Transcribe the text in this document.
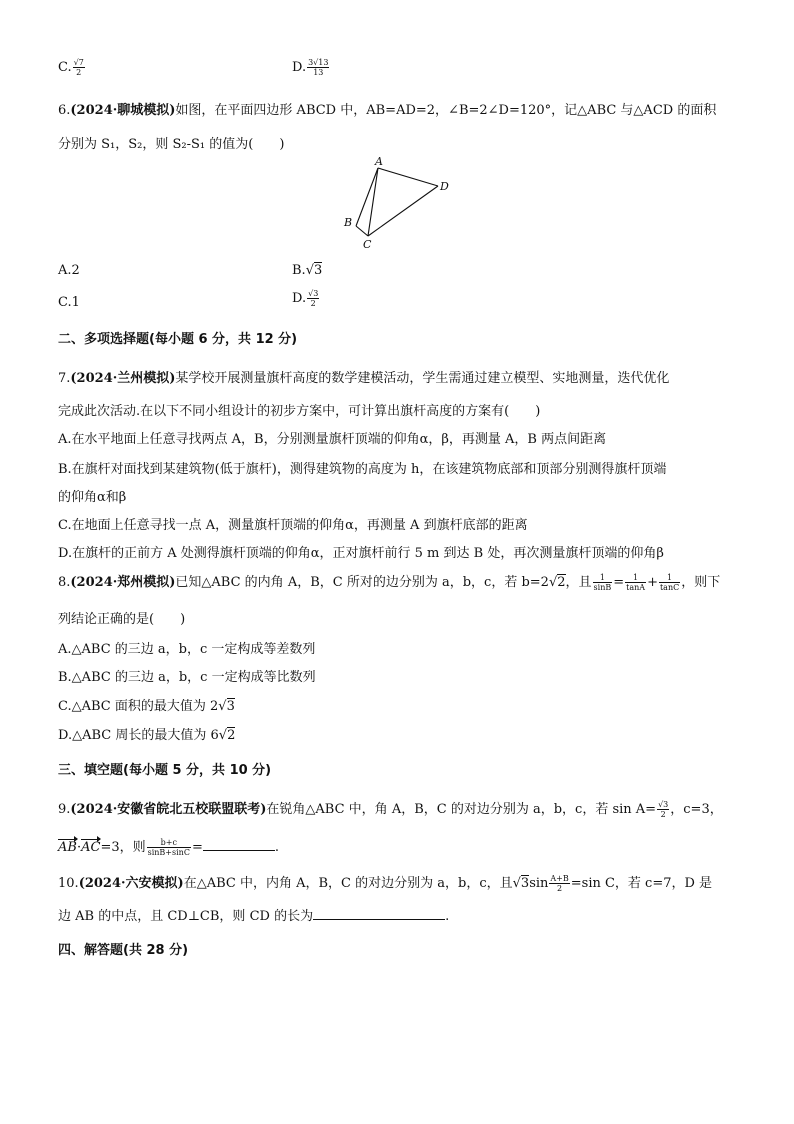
C. $\frac{√7}{2}$	D. $\frac{3√13}{13}$
6.(2024·聊城模拟)如图，在平面四边形 ABCD 中，AB=AD=2，∠B=2∠D=120°，记△ABC 与△ACD 的面积
分别为 S₁，S₂，则 S₂-S₁ 的值为(　　)
A
D
B
C
A.2	B.√3
C.1	D. $\frac{√3}{2}$
二、多项选择题(每小题 6 分，共 12 分)
7.(2024·兰州模拟)某学校开展测量旗杆高度的数学建模活动，学生需通过建立模型、实地测量，迭代优化
完成此次活动.在以下不同小组设计的初步方案中，可计算出旗杆高度的方案有(　　)
A.在水平地面上任意寻找两点 A，B，分别测量旗杆顶端的仰角α，β，再测量 A，B 两点间距离
B.在旗杆对面找到某建筑物(低于旗杆)，测得建筑物的高度为 h，在该建筑物底部和顶部分别测得旗杆顶端
的仰角α和β
C.在地面上任意寻找一点 A，测量旗杆顶端的仰角α，再测量 A 到旗杆底部的距离
D.在旗杆的正前方 A 处测得旗杆顶端的仰角α，正对旗杆前行 5 m 到达 B 处，再次测量旗杆顶端的仰角β
8.(2024·郑州模拟)已知△ABC 的内角 A，B，C 所对的边分别为 a，b，c，若 b=2√2，且 $\frac{1}{\sin B} = \frac{1}{\tan A} + \frac{1}{\tan C}$ ，则下
列结论正确的是(　　)
A.△ABC 的三边 a，b，c 一定构成等差数列
B.△ABC 的三边 a，b，c 一定构成等比数列
C.△ABC 面积的最大值为 2√3
D.△ABC 周长的最大值为 6√2
三、填空题(每小题 5 分，共 10 分)
9.(2024·安徽省皖北五校联盟联考)在锐角△ABC 中，角 A，B，C 的对边分别为 a，b，c，若 $\sin A= \frac{√3}{2}$ ，c=3，
AB·AC=3，则 $\frac{b+c}{\sin B+\sin C}$ =	.
10.(2024·六安模拟)在△ABC 中，内角 A，B，C 的对边分别为 a，b，c，且$√3\sin \frac{A+B}{2} =\sin$ C，若 c=7，D 是
边 AB 的中点，且 CD⊥CB，则 CD 的长为	.
四、解答题(共 28 分)
